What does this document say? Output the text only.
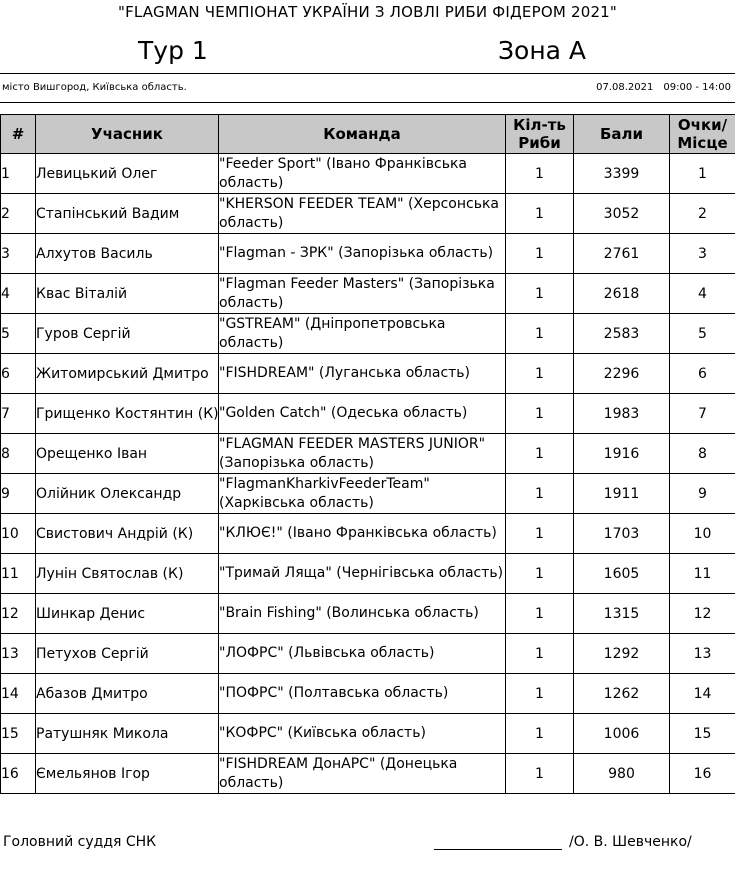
"FLAGMAN ЧЕМПІОНАТ УКРАЇНИ З ЛОВЛІ РИБИ ФІДЕРОМ 2021"
Тур 1	Зона А
місто Вишгород, Київська область.	07.08.2021 09:00 - 14:00
#	Учасник	Команда	Кіл-ть Риби	Бали	Очки/ Місце
1	Левицький Олег	"Feeder Sport" (Івано Франківська область)	1	3399	1
2	Стапінський Вадим	"KHERSON FEEDER TEAM" (Херсонська область)	1	3052	2
3	Алхутов Василь	"Flagman - ЗРК" (Запорізька область)	1	2761	3
4	Квас Віталій	"Flagman Feeder Masters" (Запорізька область)	1	2618	4
5	Гуров Сергій	"GSTREAM" (Дніпропетровська область)	1	2583	5
6	Житомирський Дмитро	"FISHDREAM" (Луганська область)	1	2296	6
7	Грищенко Костянтин (К)	"Golden Catch" (Одеська область)	1	1983	7
8	Орещенко Іван	"FLAGMAN FEEDER MASTERS JUNIOR" (Запорізька область)	1	1916	8
9	Олійник Олександр	"FlagmanKharkivFeederTeam" (Харківська область)	1	1911	9
10	Свистович Андрій (К)	"КЛЮЄ!" (Івано Франківська область)	1	1703	10
11	Лунін Святослав (К)	"Тримай Ляща" (Чернігівська область)	1	1605	11
12	Шинкар Денис	"Brain Fishing" (Волинська область)	1	1315	12
13	Петухов Сергій	"ЛОФРС" (Львівська область)	1	1292	13
14	Абазов Дмитро	"ПОФРС" (Полтавська область)	1	1262	14
15	Ратушняк Микола	"КОФРС" (Київська область)	1	1006	15
16	Ємельянов Ігор	"FISHDREAM ДонАРС" (Донецька область)	1	980	16
Головний суддя СНК	/О. В. Шевченко/
